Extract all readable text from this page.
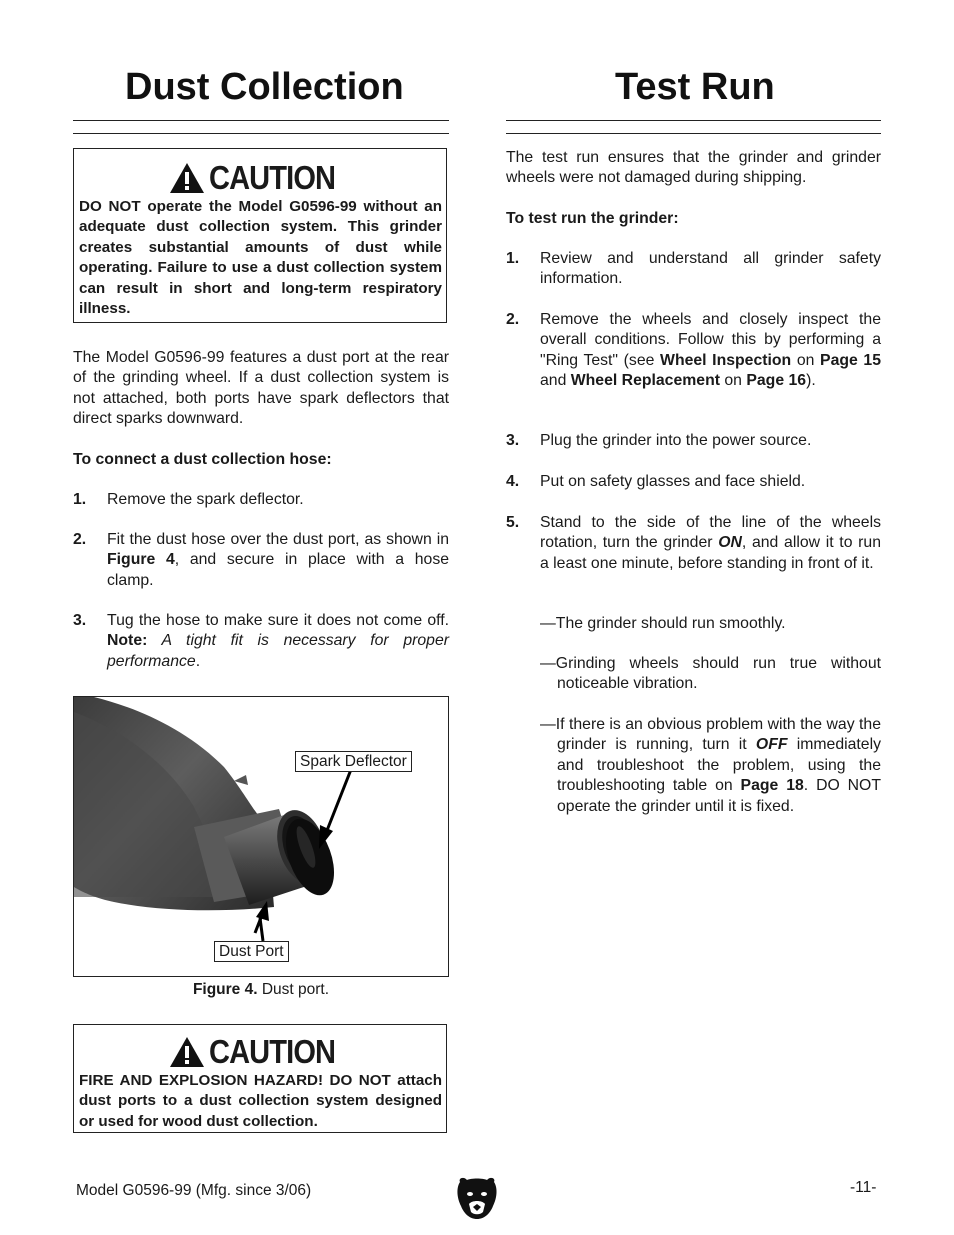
Dust Collection
CAUTION

DO NOT operate the Model G0596-99 without an adequate dust collection system. This grinder creates substantial amounts of dust while operating. Failure to use a dust collection system can result in short and long-term respiratory illness.

The Model G0596-99 features a dust port at the rear of the grinding wheel. If a dust collection system is not attached, both ports have spark deflectors that direct sparks downward.

To connect a dust collection hose:

1. Remove the spark deflector.
2. Fit the dust hose over the dust port, as shown in Figure 4, and secure in place with a hose clamp.
3. Tug the hose to make sure it does not come off. Note: A tight fit is necessary for proper performance.
Spark Deflector
Dust Port
Figure 4. Dust port.
CAUTION

FIRE AND EXPLOSION HAZARD! DO NOT attach dust ports to a dust collection system designed or used for wood dust collection.

Test Run

The test run ensures that the grinder and grinder wheels were not damaged during shipping.

To test run the grinder:

1. Review and understand all grinder safety information.
2. Remove the wheels and closely inspect the overall conditions. Follow this by performing a "Ring Test" (see Wheel Inspection on Page 15 and Wheel Replacement on Page 16).
3. Plug the grinder into the power source.
4. Put on safety glasses and face shield.
5. Stand to the side of the line of the wheels rotation, turn the grinder ON, and allow it to run a least one minute, before standing in front of it.
—The grinder should run smoothly.
—Grinding wheels should run true without noticeable vibration.
—If there is an obvious problem with the way the grinder is running, turn it OFF immediately and troubleshoot the problem, using the troubleshooting table on Page 18. DO NOT operate the grinder until it is fixed.
Model G0596-99 (Mfg. since 3/06)	-11-
